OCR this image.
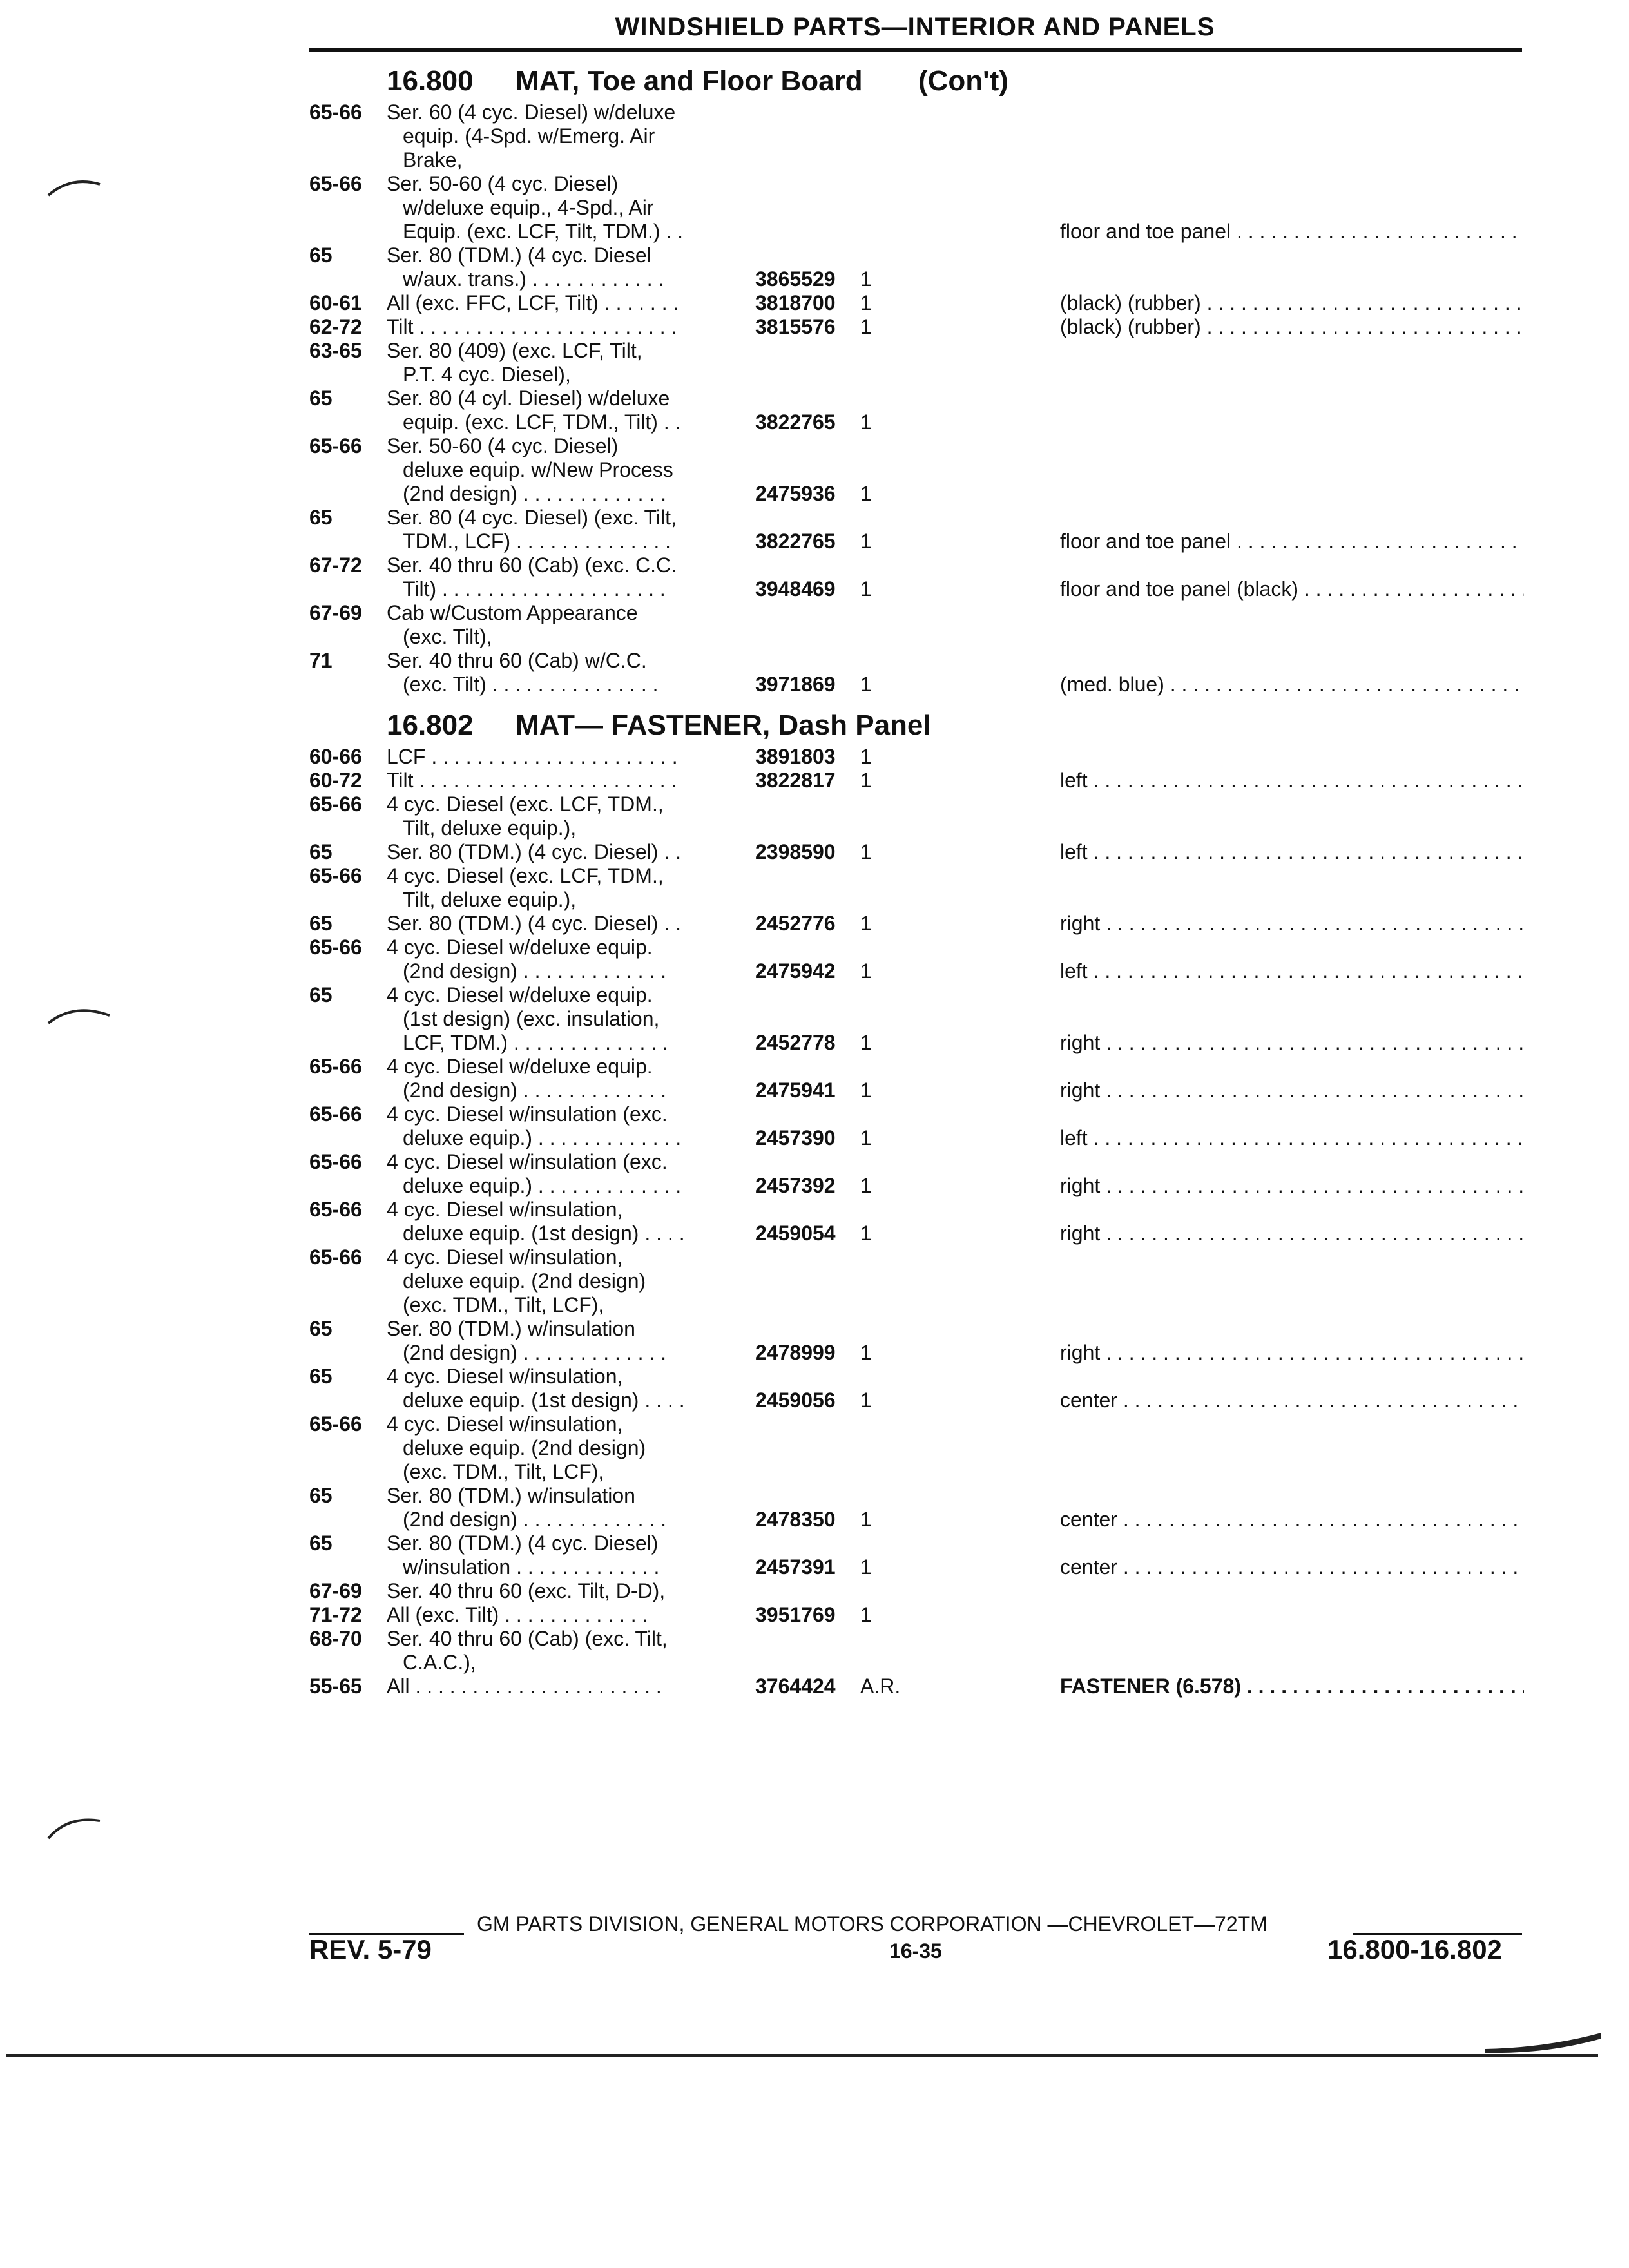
WINDSHIELD PARTS—INTERIOR AND PANELS
16.800 MAT, Toe and Floor Board (Con't)
65-66 Ser. 60 (4 cyc. Diesel) w/deluxe
equip. (4-Spd. w/Emerg. Air
Brake,
65-66 Ser. 50-60 (4 cyc. Diesel)
w/deluxe equip., 4-Spd., Air
Equip. (exc. LCF, Tilt, TDM.) . .	floor and toe panel . . .
65	Ser. 80 (TDM.) (4 cyc. Diesel
w/aux. trans.) . . . . . . . . . . . .	3865529 1
60-61 All (exc. FFC, LCF, Tilt) . . . . . . .	3818700 1	(black) (rubber) . . .
62-72 Tilt . . . . . . . . . . . . . . . . . . . . . . .	3815576 1	(black) (rubber) . . .
63-65 Ser. 80 (409) (exc. LCF, Tilt,
P.T. 4 cyc. Diesel),
65	Ser. 80 (4 cyl. Diesel) w/deluxe
equip. (exc. LCF, TDM., Tilt) . .	3822765 1
65-66 Ser. 50-60 (4 cyc. Diesel)
deluxe equip. w/New Process
(2nd design) . . . . . . . . . . . . .	2475936 1
65	Ser. 80 (4 cyc. Diesel) (exc. Tilt,
TDM., LCF) . . . . . . . . . . . . . .	3822765 1	floor and toe panel . . .
67-72 Ser. 40 thru 60 (Cab) (exc. C.C.
Tilt) . . . . . . . . . . . . . . . . . . . .	3948469 1	floor and toe panel (black) . . .
67-69 Cab w/Custom Appearance
(exc. Tilt),
71	Ser. 40 thru 60 (Cab) w/C.C.
(exc. Tilt) . . . . . . . . . . . . . . .	3971869 1	(med. blue) . . .
16.802 MAT— FASTENER, Dash Panel
60-66 LCF . . . . . . . . . . . . . . . . . . . . . .	3891803 1
60-72 Tilt . . . . . . . . . . . . . . . . . . . . . . .	3822817 1	left . . .
65-66 4 cyc. Diesel (exc. LCF, TDM.,
Tilt, deluxe equip.),
65	Ser. 80 (TDM.) (4 cyc. Diesel) . .	2398590 1	left . . .
65-66 4 cyc. Diesel (exc. LCF, TDM.,
Tilt, deluxe equip.),
65	Ser. 80 (TDM.) (4 cyc. Diesel) . .	2452776 1	right . . .
65-66 4 cyc. Diesel w/deluxe equip.
(2nd design) . . . . . . . . . . . . .	2475942 1	left . . .
65	4 cyc. Diesel w/deluxe equip.
(1st design) (exc. insulation,
LCF, TDM.) . . . . . . . . . . . . . .	2452778 1	right . . .
65-66 4 cyc. Diesel w/deluxe equip.
(2nd design) . . . . . . . . . . . . .	2475941 1	right . . .
65-66 4 cyc. Diesel w/insulation (exc.
deluxe equip.) . . . . . . . . . . . . .	2457390 1	left . . .
65-66 4 cyc. Diesel w/insulation (exc.
deluxe equip.) . . . . . . . . . . . . .	2457392 1	right . . .
65-66 4 cyc. Diesel w/insulation,
deluxe equip. (1st design) . . . .	2459054 1	right . . .
65-66 4 cyc. Diesel w/insulation,
deluxe equip. (2nd design)
(exc. TDM., Tilt, LCF),
65	Ser. 80 (TDM.) w/insulation
(2nd design) . . . . . . . . . . . . .	2478999 1	right . . .
65	4 cyc. Diesel w/insulation,
deluxe equip. (1st design) . . . .	2459056 1	center . . .
65-66 4 cyc. Diesel w/insulation,
deluxe equip. (2nd design)
(exc. TDM., Tilt, LCF),
65	Ser. 80 (TDM.) w/insulation
(2nd design) . . . . . . . . . . . . .	2478350 1	center . . .
65	Ser. 80 (TDM.) (4 cyc. Diesel)
w/insulation . . . . . . . . . . . . .	2457391 1	center . . .
67-69 Ser. 40 thru 60 (exc. Tilt, D-D),
71-72 All (exc. Tilt) . . . . . . . . . . . . .	3951769 1
68-70 Ser. 40 thru 60 (Cab) (exc. Tilt,
C.A.C.),
55-65 All . . . . . . . . . . . . . . . . . . . . . .	3764424 A.R.	FASTENER (6.578) . . .
GM PARTS DIVISION, GENERAL MOTORS CORPORATION —CHEVROLET—72TM
REV. 5-79	16-35	16.800-16.802
